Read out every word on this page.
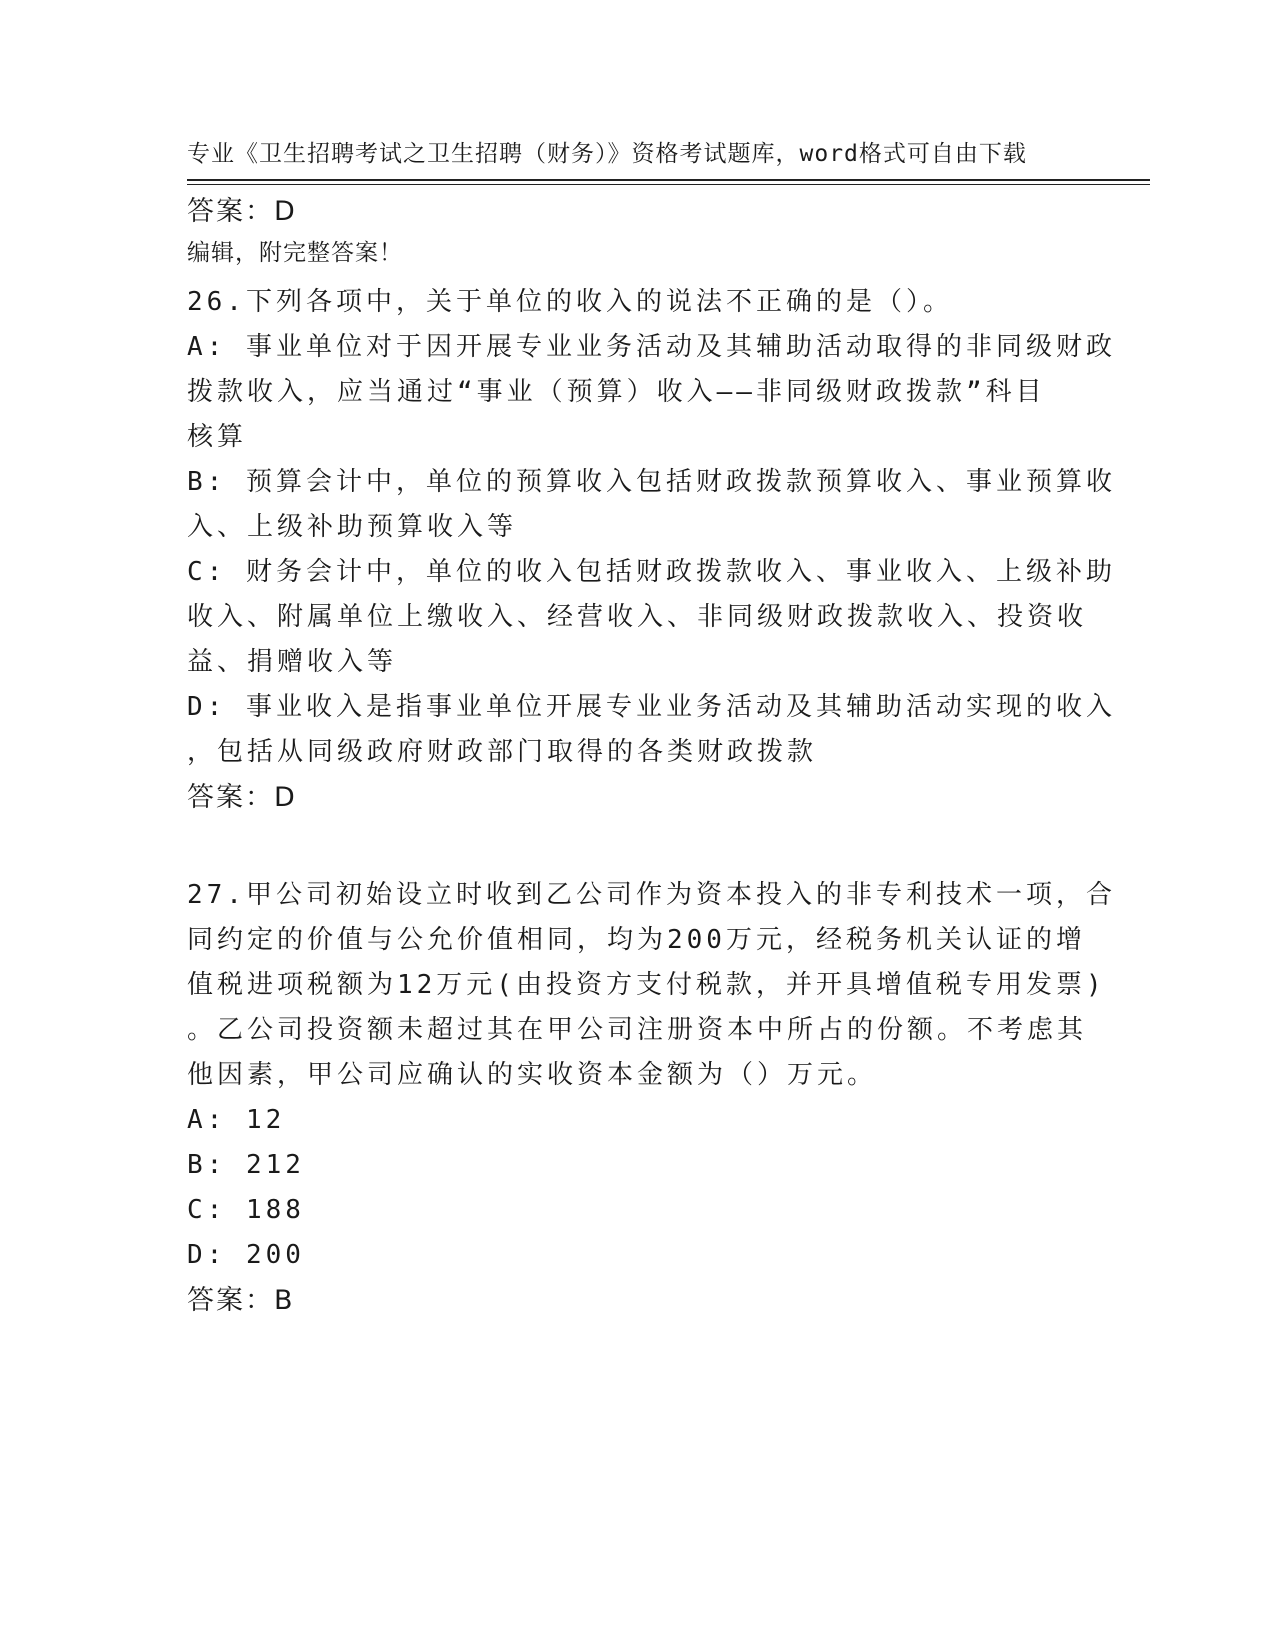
专业《卫生招聘考试之卫生招聘（财务）》资格考试题库，word格式可自由下载

编辑，附完整答案！

答案：D
26.下列各项中，关于单位的收入的说法不正确的是（）。
A: 事业单位对于因开展专业业务活动及其辅助活动取得的非同级财政
拨款收入，应当通过“事业（预算）收入——非同级财政拨款”科目
核算
B: 预算会计中，单位的预算收入包括财政拨款预算收入、事业预算收
入、上级补助预算收入等
C: 财务会计中，单位的收入包括财政拨款收入、事业收入、上级补助
收入、附属单位上缴收入、经营收入、非同级财政拨款收入、投资收
益、捐赠收入等
D: 事业收入是指事业单位开展专业业务活动及其辅助活动实现的收入
，包括从同级政府财政部门取得的各类财政拨款
答案：D
27.甲公司初始设立时收到乙公司作为资本投入的非专利技术一项，合
同约定的价值与公允价值相同，均为200万元，经税务机关认证的增
值税进项税额为12万元(由投资方支付税款，并开具增值税专用发票)
。乙公司投资额未超过其在甲公司注册资本中所占的份额。不考虑其
他因素，甲公司应确认的实收资本金额为（）万元。
A: 12
B: 212
C: 188
D: 200
答案：B
